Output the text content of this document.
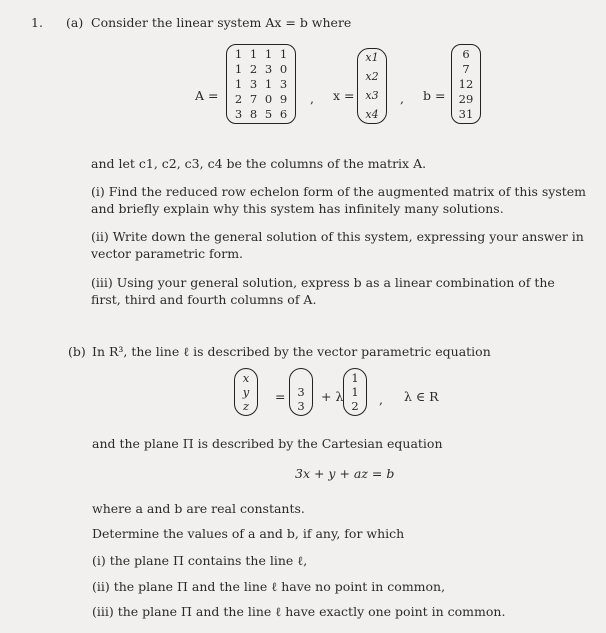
1. (a) Consider the linear system Ax = b where
A =
1 1 1 1
1 2 3 0
1 3 1 3
2 7 0 9
3 8 5 6
, x =
x1
x2
x3
x4
, b =
6
7
12
29
31
and let c1, c2, c3, c4 be the columns of the matrix A.
(i) Find the reduced row echelon form of the augmented matrix of this system and briefly explain why this system has infinitely many solutions.
(ii) Write down the general solution of this system, expressing your answer in vector parametric form.
(iii) Using your general solution, express b as a linear combination of the first, third and fourth columns of A.
(b) In R³, the line ℓ is described by the vector parametric equation
x
y
z
=
3
3
+ λ
1
1
2 , λ ∈ R
and the plane Π is described by the Cartesian equation
3x + y + az = b
where a and b are real constants.
Determine the values of a and b, if any, for which
(i) the plane Π contains the line ℓ,
(ii) the plane Π and the line ℓ have no point in common,
(iii) the plane Π and the line ℓ have exactly one point in common.
